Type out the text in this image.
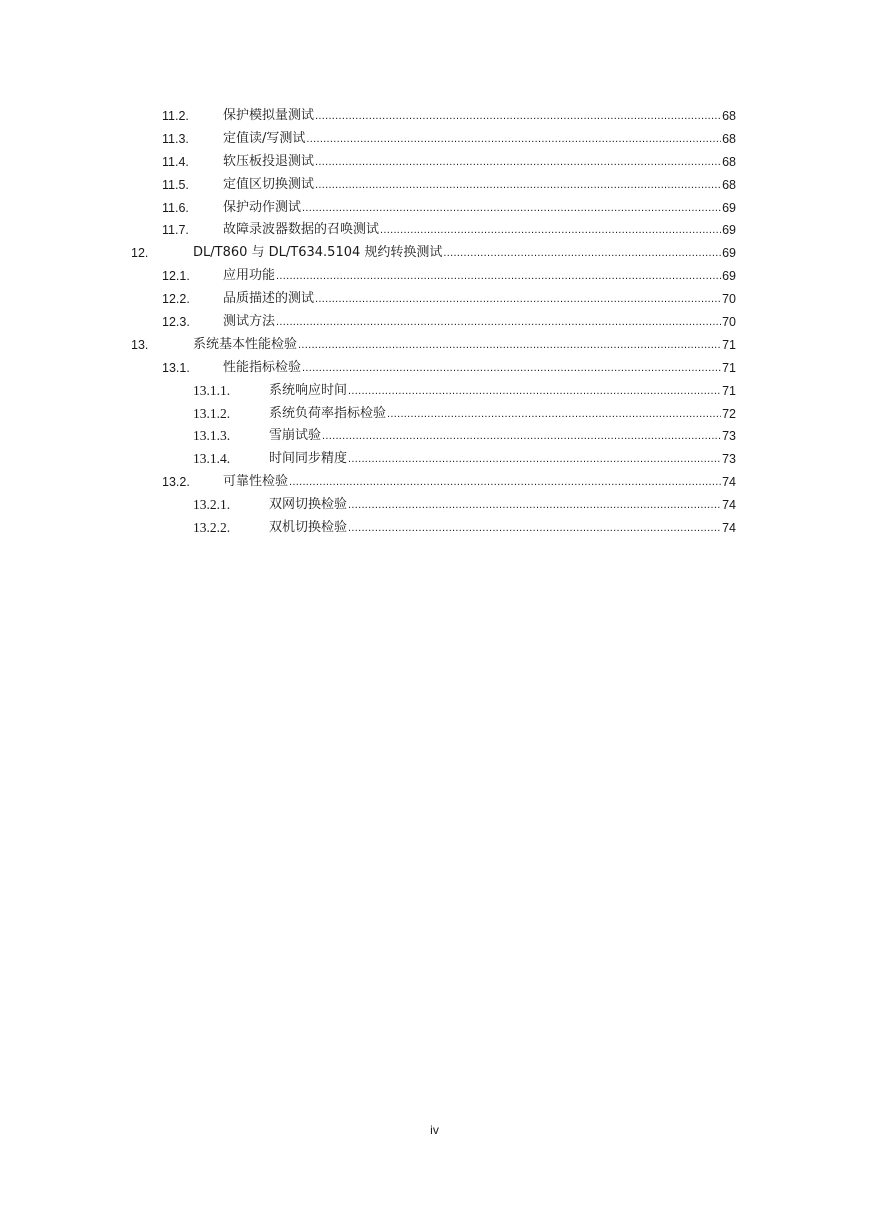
11.2.	保护模拟量测试 .....	68
11.3.	定值读/写测试 .....	68
11.4.	软压板投退测试 .....	68
11.5.	定值区切换测试 .....	68
11.6.	保护动作测试 .....	69
11.7.	故障录波器数据的召唤测试 .....	69
12.	DL/T860 与 DL/T634.5104 规约转换测试 .....	69
12.1.	应用功能 .....	69
12.2.	品质描述的测试 .....	70
12.3.	测试方法 .....	70
13.	系统基本性能检验 .....	71
13.1.	性能指标检验 .....	71
13.1.1.	系统响应时间 .....	71
13.1.2.	系统负荷率指标检验 .....	72
13.1.3.	雪崩试验 .....	73
13.1.4.	时间同步精度 .....	73
13.2.	可靠性检验 .....	74
13.2.1.	双网切换检验 .....	74
13.2.2.	双机切换检验 .....	74
iv
